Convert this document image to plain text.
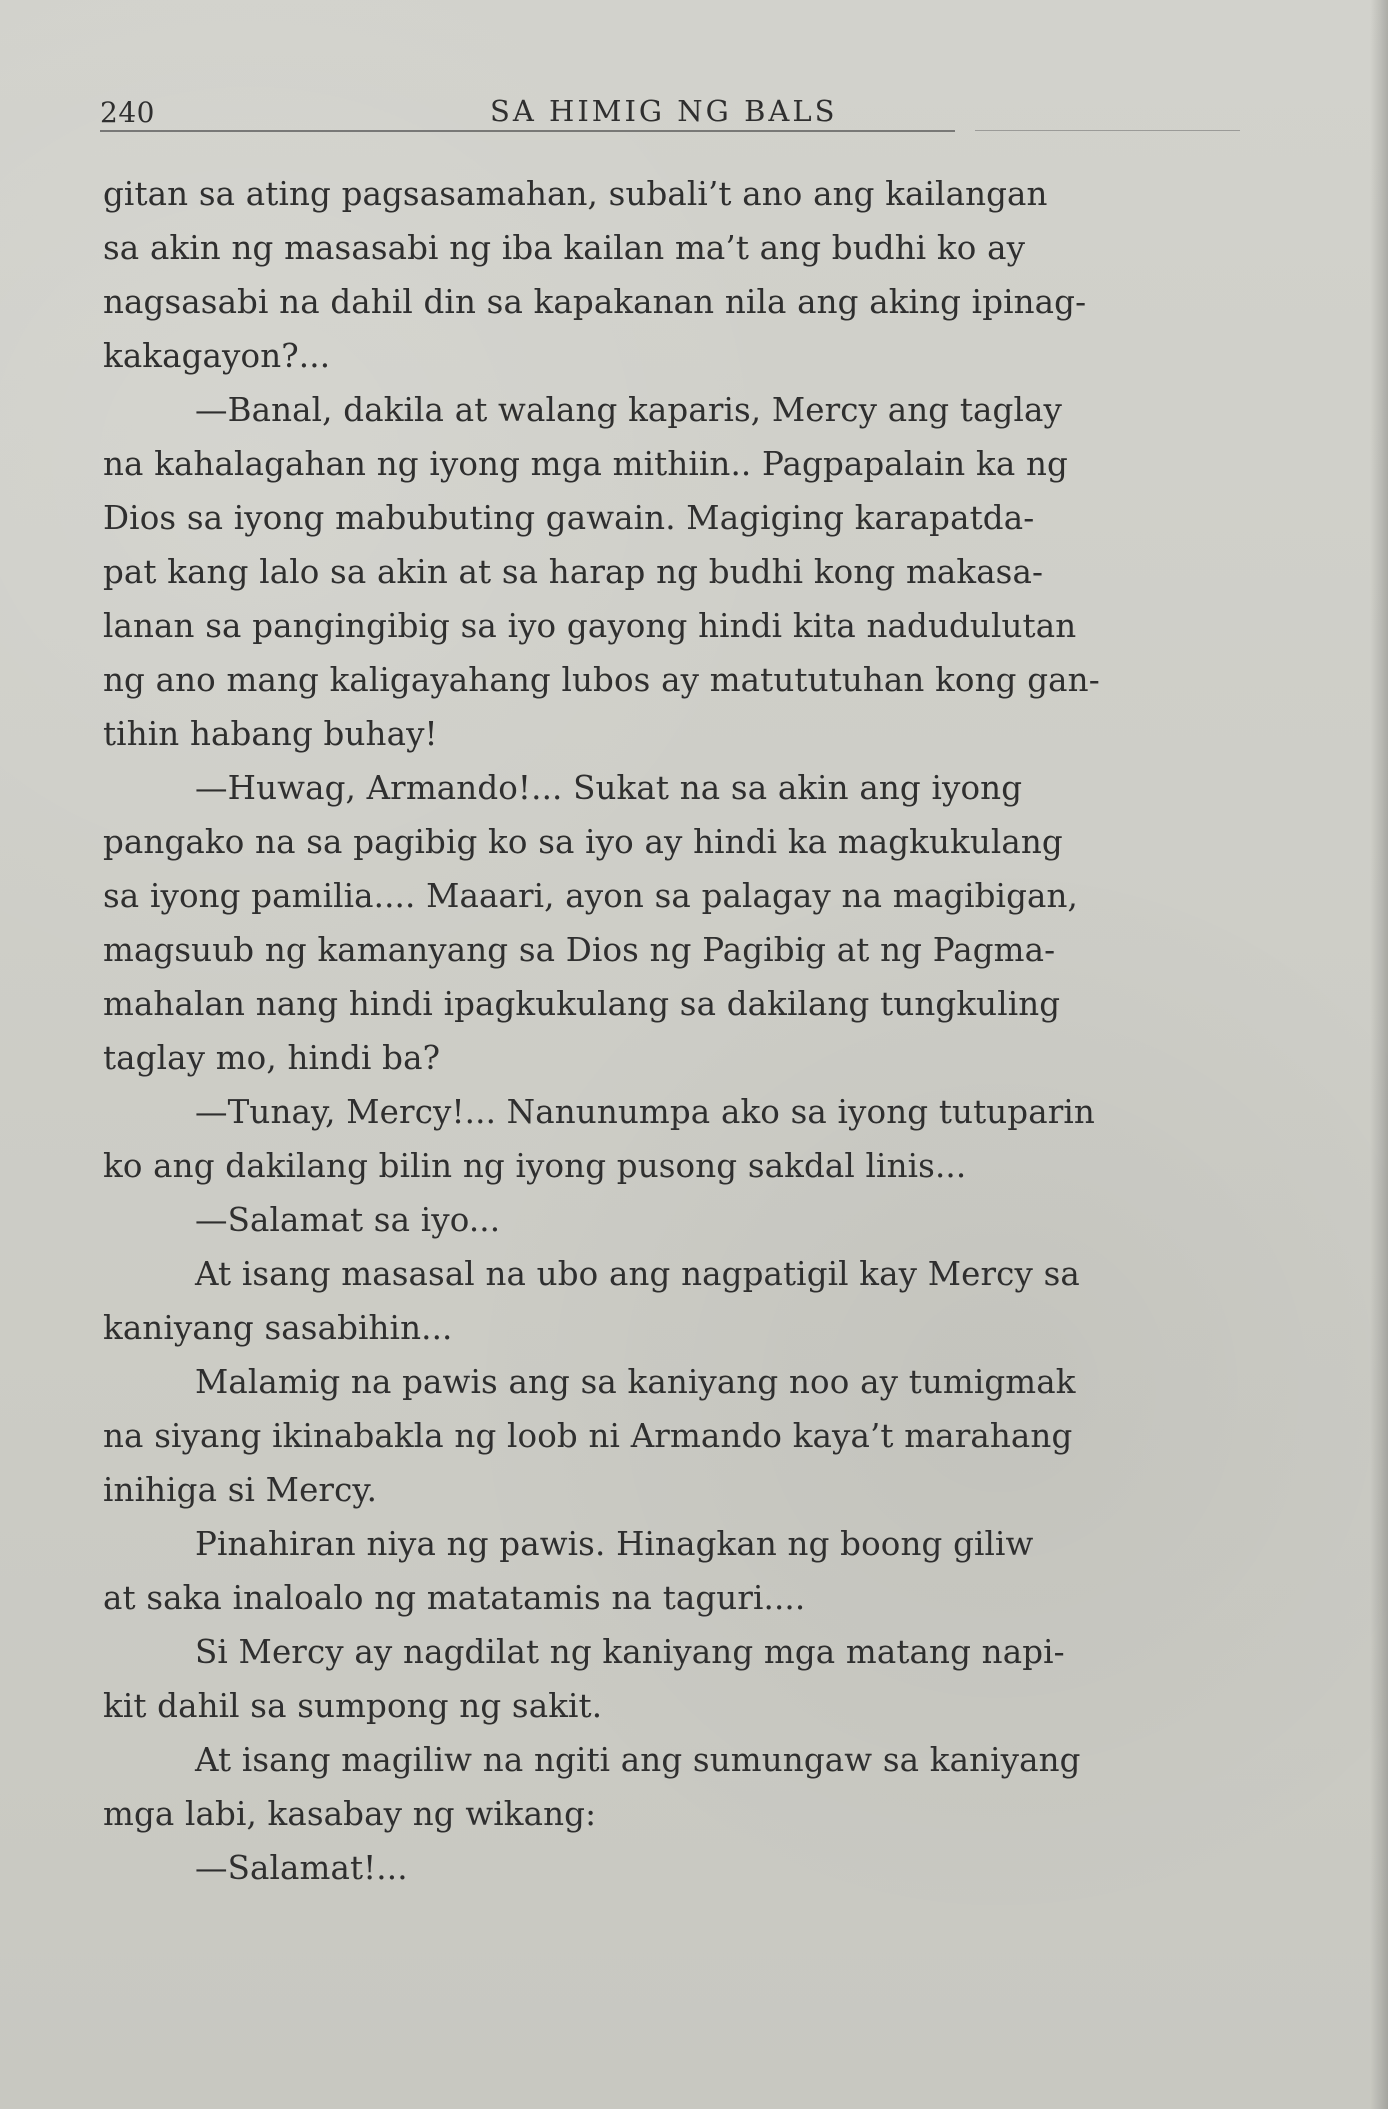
240	SA HIMIG NG BALS
gitan sa ating pagsasamahan, subali’t ano ang kailangan
sa akin ng masasabi ng iba kailan ma’t ang budhi ko ay
nagsasabi na dahil din sa kapakanan nila ang aking ipinag-
kakagayon?...
—Banal, dakila at walang kaparis, Mercy ang taglay
na kahalagahan ng iyong mga mithiin.. Pagpapalain ka ng
Dios sa iyong mabubuting gawain. Magiging karapatda-
pat kang lalo sa akin at sa harap ng budhi kong makasa-
lanan sa pangingibig sa iyo gayong hindi kita nadudulutan
ng ano mang kaligayahang lubos ay matututuhan kong gan-
tihin habang buhay!
—Huwag, Armando!... Sukat na sa akin ang iyong
pangako na sa pagibig ko sa iyo ay hindi ka magkukulang
sa iyong pamilia.... Maaari, ayon sa palagay na magibigan,
magsuub ng kamanyang sa Dios ng Pagibig at ng Pagma-
mahalan nang hindi ipagkukulang sa dakilang tungkuling
taglay mo, hindi ba?
—Tunay, Mercy!... Nanunumpa ako sa iyong tutuparin
ko ang dakilang bilin ng iyong pusong sakdal linis...
—Salamat sa iyo...
At isang masasal na ubo ang nagpatigil kay Mercy sa
kaniyang sasabihin...
Malamig na pawis ang sa kaniyang noo ay tumigmak
na siyang ikinabakla ng loob ni Armando kaya’t marahang
inihiga si Mercy.
Pinahiran niya ng pawis. Hinagkan ng boong giliw
at saka inaloalo ng matatamis na taguri....
Si Mercy ay nagdilat ng kaniyang mga matang napi-
kit dahil sa sumpong ng sakit.
At isang magiliw na ngiti ang sumungaw sa kaniyang
mga labi, kasabay ng wikang:
—Salamat!...
